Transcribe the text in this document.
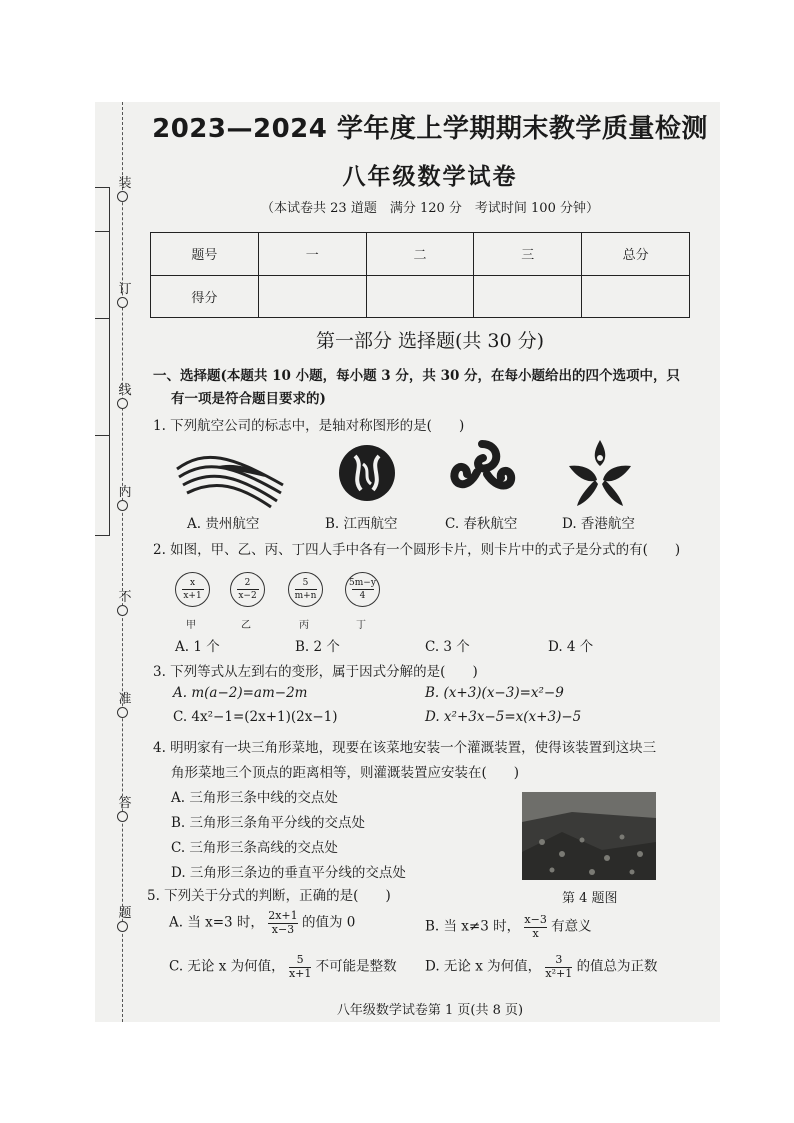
装
订
线
内
不
准
答
题
2023—2024 学年度上学期期末教学质量检测
八年级数学试卷
（本试卷共 23 道题　满分 120 分　考试时间 100 分钟）
题号	一	二	三	总分
得分				
第一部分 选择题(共 30 分)
一、选择题(本题共 10 小题，每小题 3 分，共 30 分，在每小题给出的四个选项中，只
有一项是符合题目要求的)
1. 下列航空公司的标志中，是轴对称图形的是(　　)
A. 贵州航空	B. 江西航空	C. 春秋航空	D. 香港航空
2. 如图，甲、乙、丙、丁四人手中各有一个圆形卡片，则卡片中的式子是分式的有(　　)
x
x+1
2
x−2
5
m+n
5m−y
4
甲	乙	丙	丁
A. 1 个	B. 2 个	C. 3 个	D. 4 个
3. 下列等式从左到右的变形，属于因式分解的是(　　)
A. m(a−2)=am−2m	B. (x+3)(x−3)=x²−9
C. 4x²−1=(2x+1)(2x−1)	D. x²+3x−5=x(x+3)−5
4. 明明家有一块三角形菜地，现要在该菜地安装一个灌溉装置，使得该装置到这块三
角形菜地三个顶点的距离相等，则灌溉装置应安装在(　　)
A. 三角形三条中线的交点处
B. 三角形三条角平分线的交点处
C. 三角形三条高线的交点处
D. 三角形三条边的垂直平分线的交点处
第 4 题图
5. 下列关于分式的判断，正确的是(　　)
A. 当 x=3 时， $\frac{2x+1}{x-3}$ 的值为 0	B. 当 x≠3 时， $\frac{x-3}{x}$ 有意义
C. 无论 x 为何值， $\frac{5}{x+1}$ 不可能是整数 D. 无论 x 为何值， $\frac{3}{\text{x²+1}}$ 的值总为正数
八年级数学试卷第 1 页(共 8 页)
